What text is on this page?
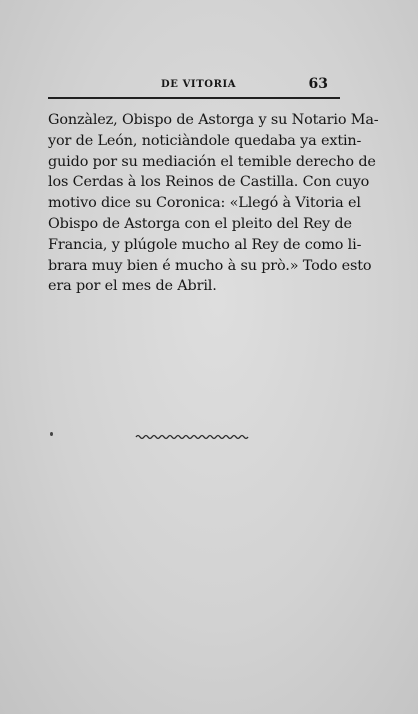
DE VITORIA	63
Gonzàlez, Obispo de Astorga y su Notario Ma-
yor de León, noticiàndole quedaba ya extin-
guido por su mediación el temible derecho de
los Cerdas à los Reinos de Castilla. Con cuyo
motivo dice su Coronica: «Llegó à Vitoria el
Obispo de Astorga con el pleito del Rey de
Francia, y plúgole mucho al Rey de como li-
brara muy bien é mucho à su prò.» Todo esto
era por el mes de Abril.
